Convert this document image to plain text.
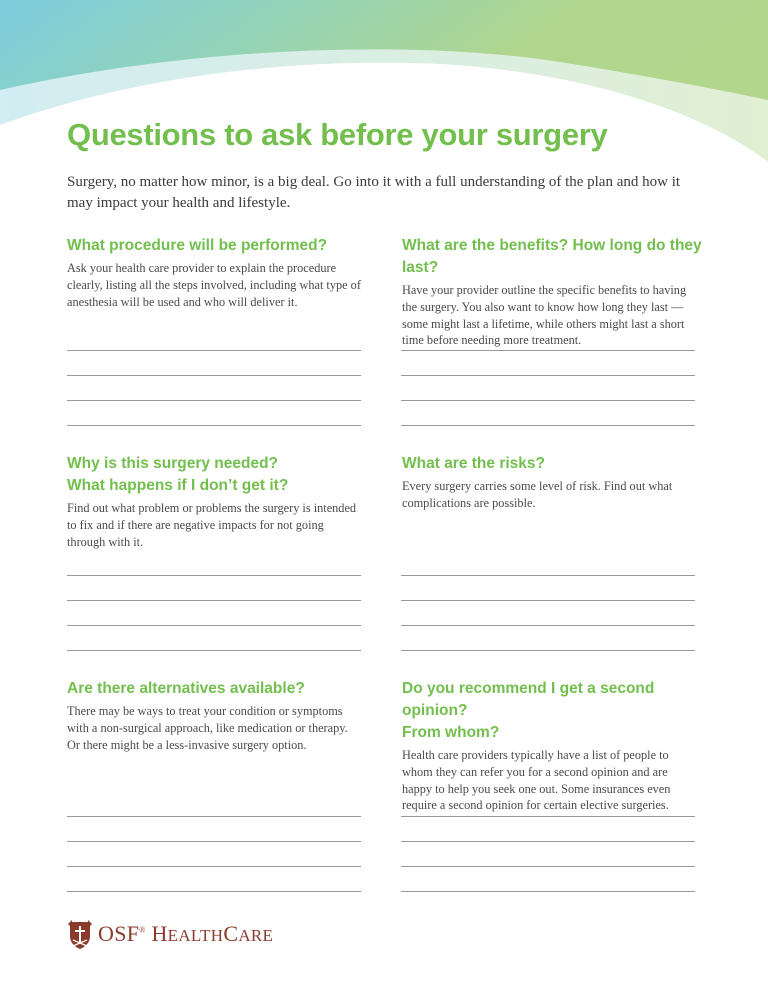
Questions to ask before your surgery

Surgery, no matter how minor, is a big deal. Go into it with a full understanding of the plan and how it may impact your health and lifestyle.

What procedure will be performed?

Ask your health care provider to explain the procedure clearly, listing all the steps involved, including what type of anesthesia will be used and who will deliver it.

What are the benefits? How long do they last?

Have your provider outline the specific benefits to having the surgery. You also want to know how long they last — some might last a lifetime, while others might last a short time before needing more treatment.

Why is this surgery needed?
What happens if I don’t get it?

Find out what problem or problems the surgery is intended to fix and if there are negative impacts for not going through with it.

What are the risks?

Every surgery carries some level of risk. Find out what complications are possible.

Are there alternatives available?

There may be ways to treat your condition or symptoms with a non-surgical approach, like medication or therapy. Or there might be a less-invasive surgery option.

Do you recommend I get a second opinion?
From whom?

Health care providers typically have a list of people to whom they can refer you for a second opinion and are happy to help you seek one out. Some insurances even require a second opinion for certain elective surgeries.

OSF® HEALTHCARE
